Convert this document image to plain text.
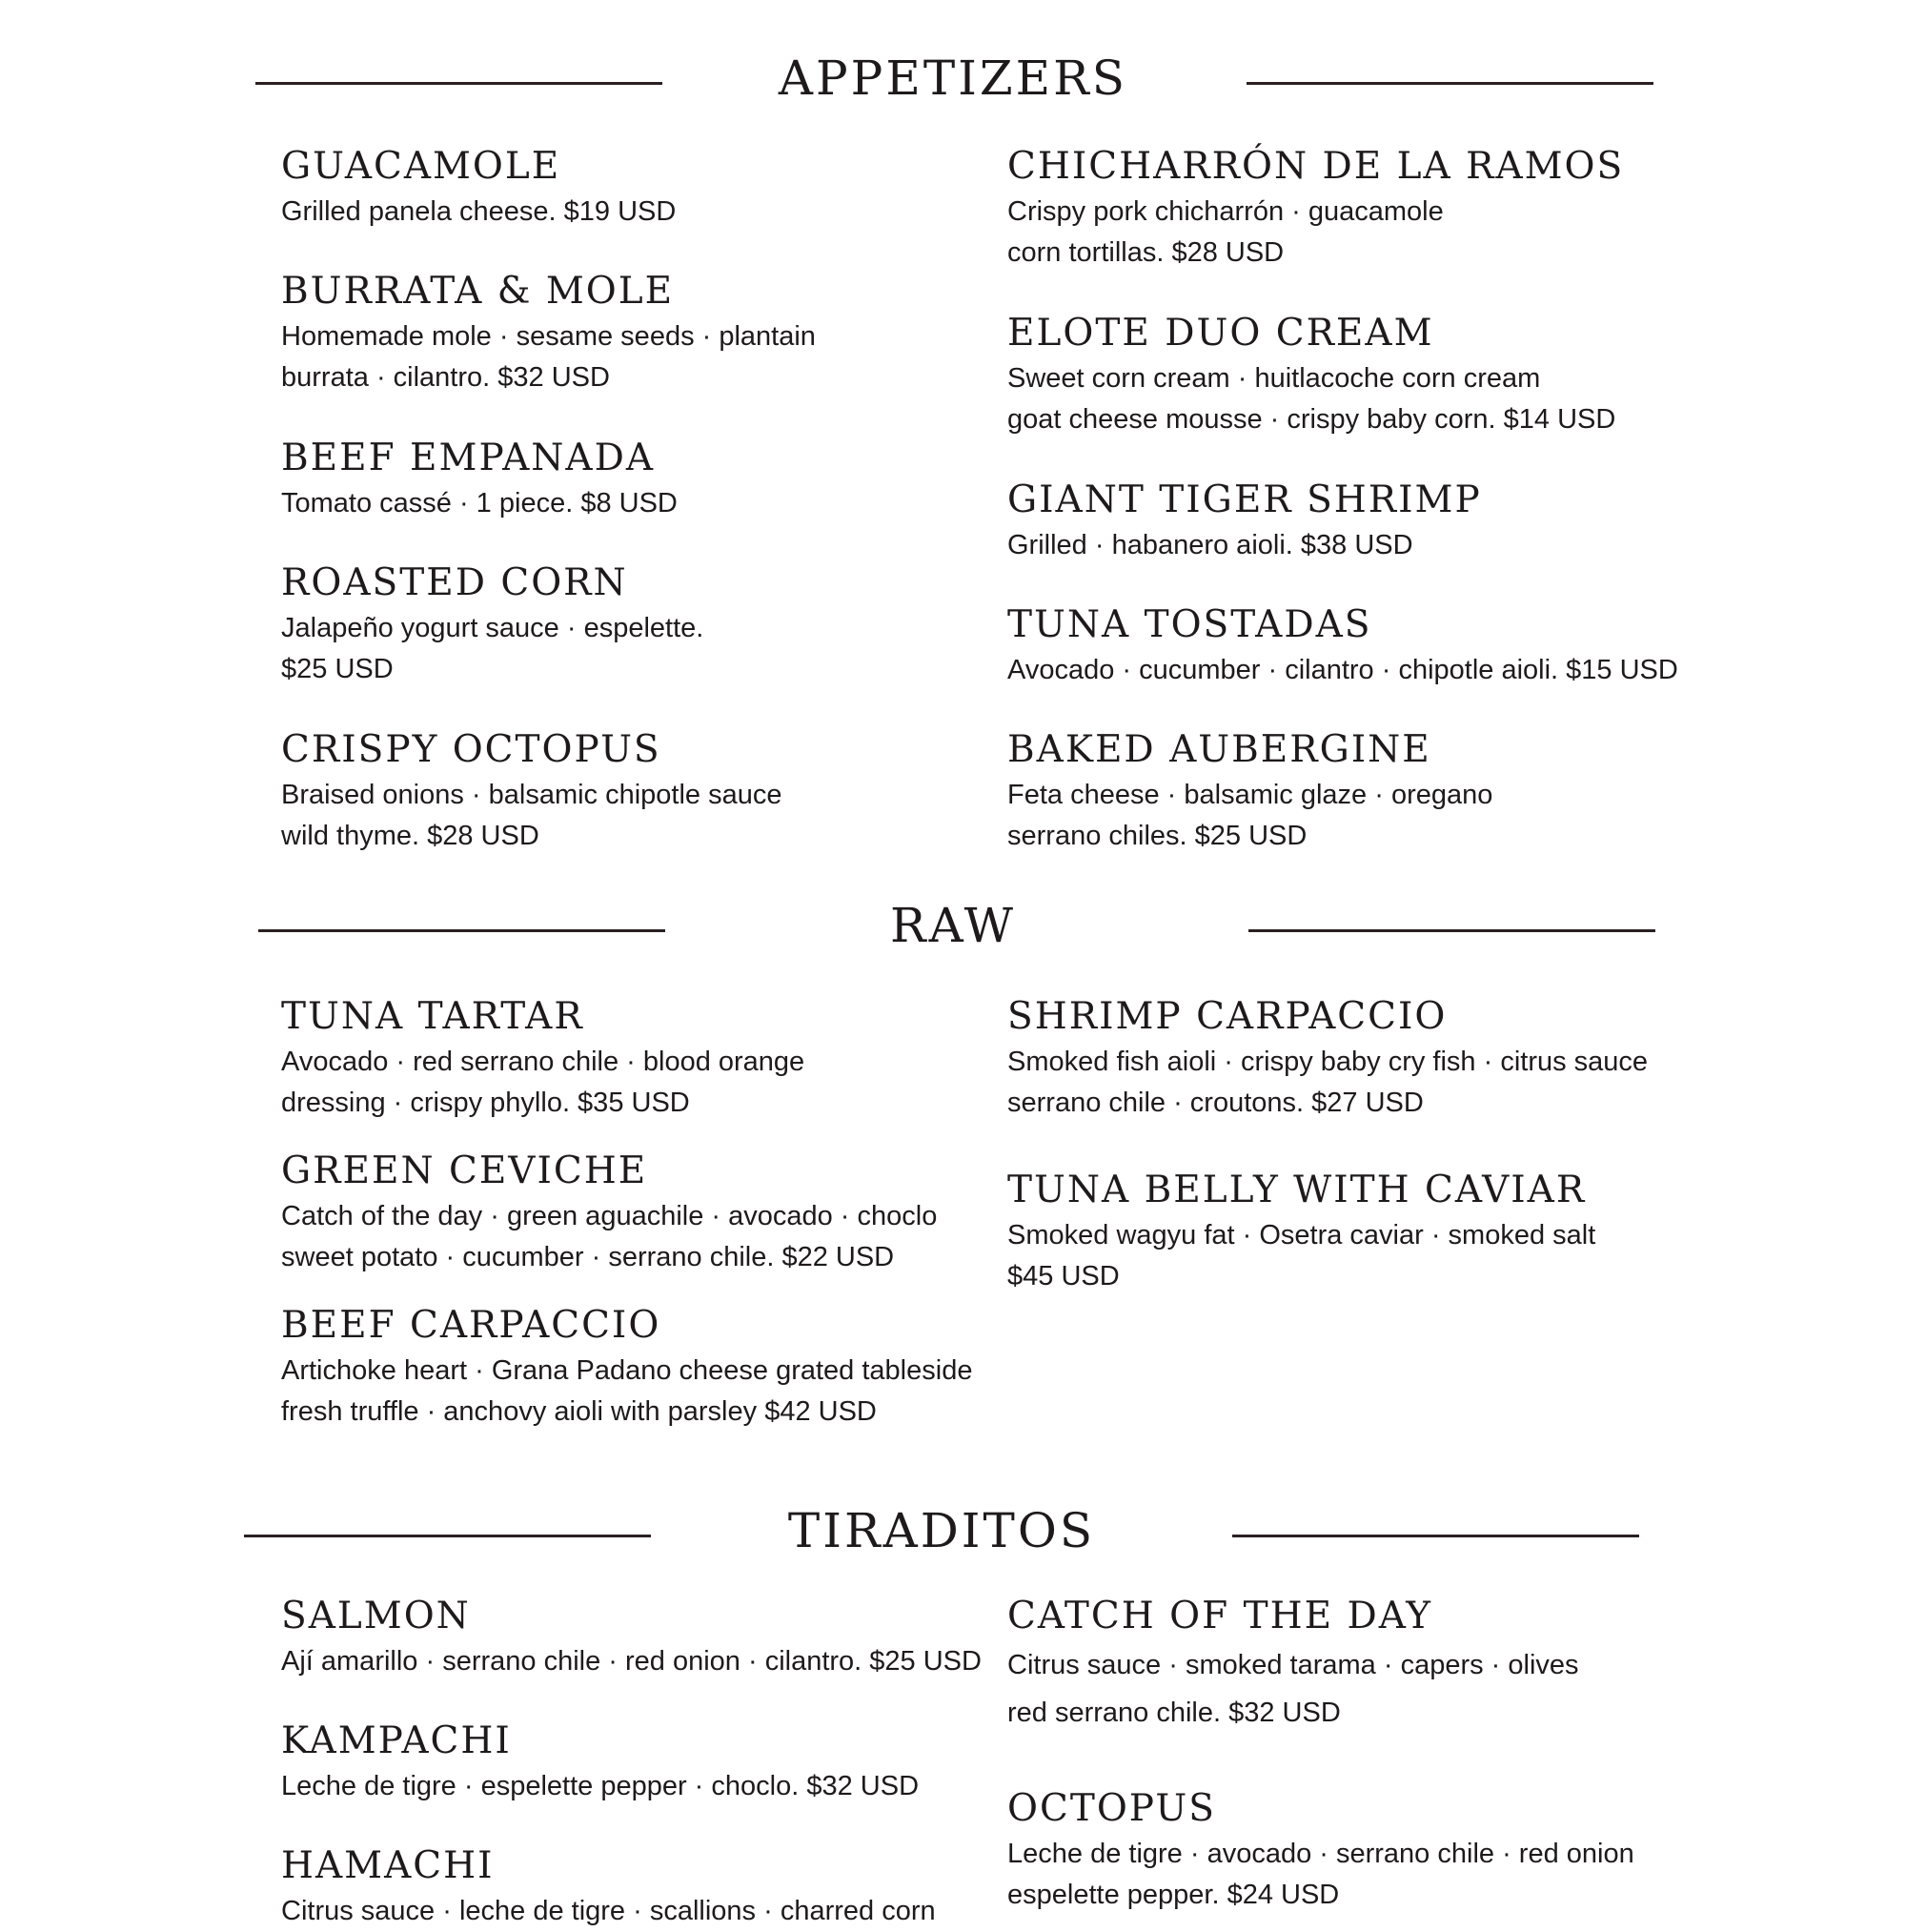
APPETIZERS
GUACAMOLE
Grilled panela cheese. $19 USD
BURRATA & MOLE
Homemade mole · sesame seeds · plantain
burrata · cilantro. $32 USD
BEEF EMPANADA
Tomato cassé · 1 piece. $8 USD
ROASTED CORN
Jalapeño yogurt sauce · espelette.
$25 USD
CRISPY OCTOPUS
Braised onions · balsamic chipotle sauce
wild thyme. $28 USD
CHICHARRÓN DE LA RAMOS
Crispy pork chicharrón · guacamole
corn tortillas. $28 USD
ELOTE DUO CREAM
Sweet corn cream · huitlacoche corn cream
goat cheese mousse · crispy baby corn. $14 USD
GIANT TIGER SHRIMP
Grilled · habanero aioli. $38 USD
TUNA TOSTADAS
Avocado · cucumber · cilantro · chipotle aioli. $15 USD
BAKED AUBERGINE
Feta cheese · balsamic glaze · oregano
serrano chiles. $25 USD
RAW
TUNA TARTAR
Avocado · red serrano chile · blood orange
dressing · crispy phyllo. $35 USD
GREEN CEVICHE
Catch of the day · green aguachile · avocado · choclo
sweet potato · cucumber · serrano chile. $22 USD
BEEF CARPACCIO
Artichoke heart · Grana Padano cheese grated tableside
fresh truffle · anchovy aioli with parsley $42 USD
SHRIMP CARPACCIO
Smoked fish aioli · crispy baby cry fish · citrus sauce
serrano chile · croutons. $27 USD
TUNA BELLY WITH CAVIAR
Smoked wagyu fat · Osetra caviar · smoked salt
$45 USD
TIRADITOS
SALMON
Ají amarillo · serrano chile · red onion · cilantro. $25 USD
KAMPACHI
Leche de tigre · espelette pepper · choclo. $32 USD
HAMACHI
Citrus sauce · leche de tigre · scallions · charred corn
CATCH OF THE DAY
Citrus sauce · smoked tarama · capers · olives
red serrano chile. $32 USD
OCTOPUS
Leche de tigre · avocado · serrano chile · red onion
espelette pepper. $24 USD
